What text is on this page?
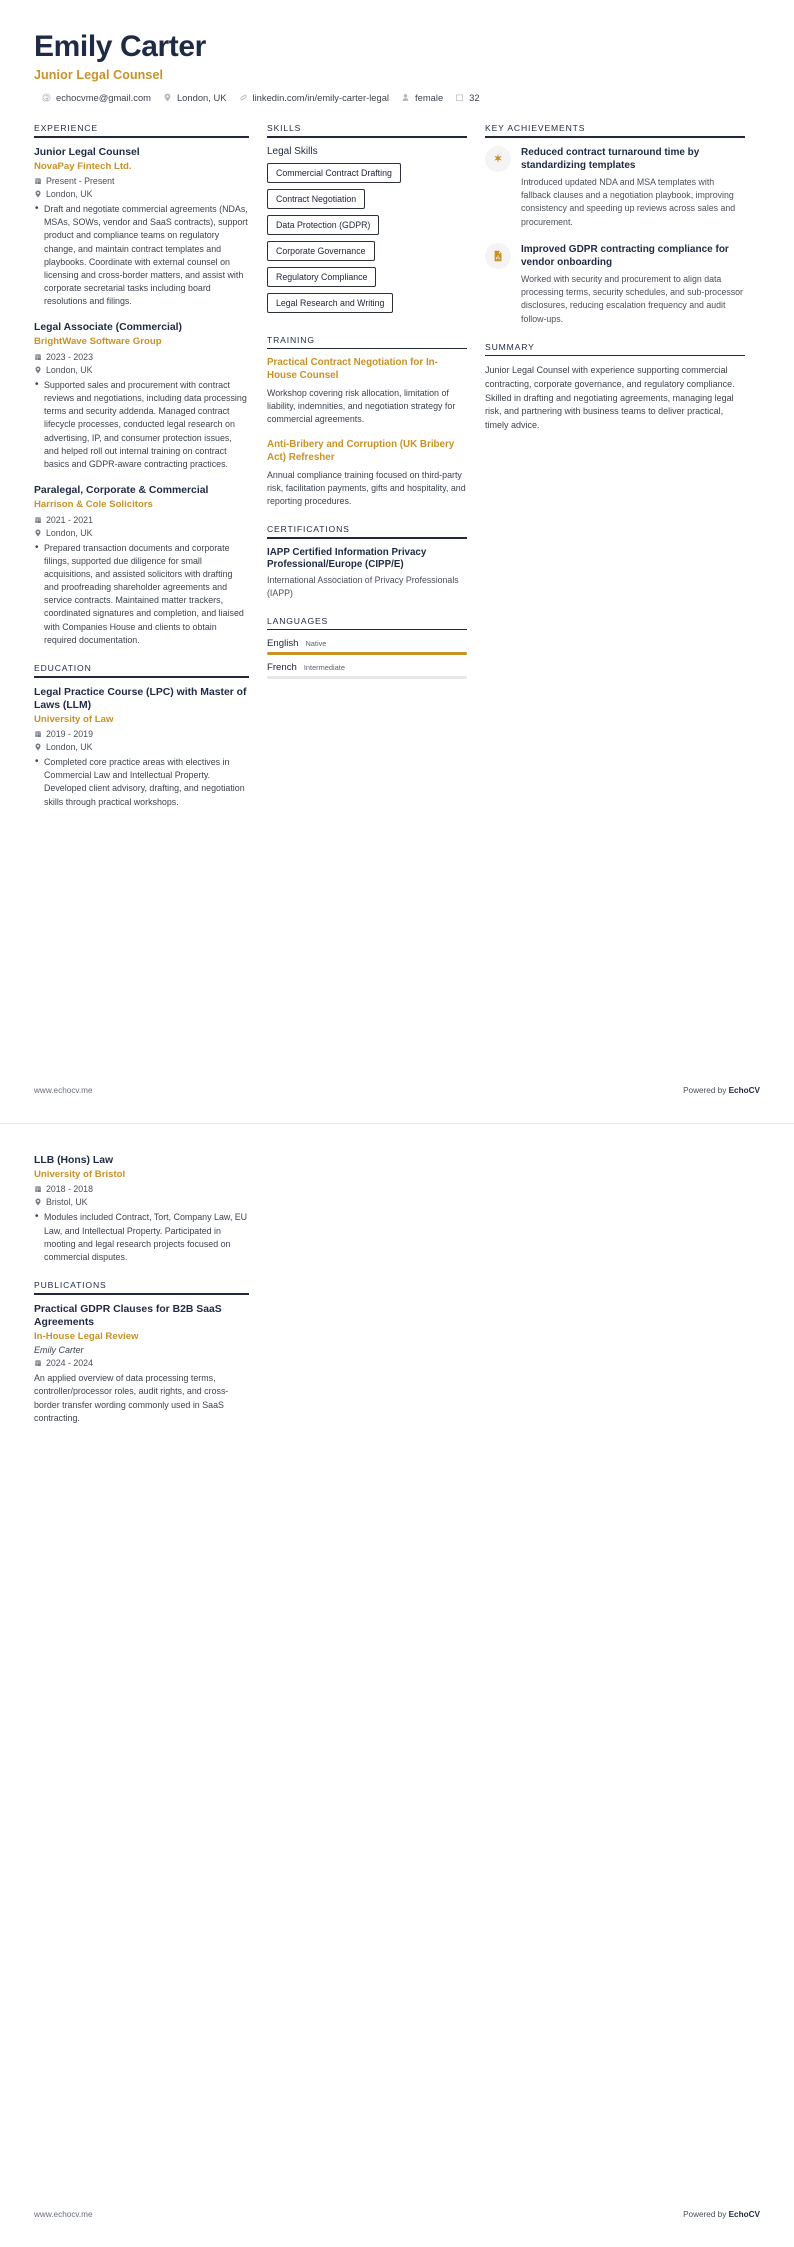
Emily Carter
Junior Legal Counsel
echocvme@gmail.com	London, UK	linkedin.com/in/emily-carter-legal	female	32
EXPERIENCE
Junior Legal Counsel
NovaPay Fintech Ltd.
Present - Present
London, UK
• Draft and negotiate commercial agreements (NDAs, MSAs, SOWs, vendor and SaaS contracts), support product and compliance teams on regulatory change, and maintain contract templates and playbooks. Coordinate with external counsel on licensing and cross-border matters, and assist with corporate secretarial tasks including board resolutions and filings.
Legal Associate (Commercial)
BrightWave Software Group
2023 - 2023
London, UK
• Supported sales and procurement with contract reviews and negotiations, including data processing terms and security addenda. Managed contract lifecycle processes, conducted legal research on advertising, IP, and consumer protection issues, and helped roll out internal training on contract basics and GDPR-aware contracting practices.
Paralegal, Corporate & Commercial
Harrison & Cole Solicitors
2021 - 2021
London, UK
• Prepared transaction documents and corporate filings, supported due diligence for small acquisitions, and assisted solicitors with drafting and proofreading shareholder agreements and service contracts. Maintained matter trackers, coordinated signatures and completion, and liaised with Companies House and clients to obtain required documentation.
EDUCATION
Legal Practice Course (LPC) with Master of Laws (LLM)
University of Law
2019 - 2019
London, UK
• Completed core practice areas with electives in Commercial Law and Intellectual Property. Developed client advisory, drafting, and negotiation skills through practical workshops.
SKILLS
Legal Skills
Commercial Contract Drafting
Contract Negotiation
Data Protection (GDPR)
Corporate Governance
Regulatory Compliance
Legal Research and Writing
TRAINING
Practical Contract Negotiation for In-House Counsel
Workshop covering risk allocation, limitation of liability, indemnities, and negotiation strategy for commercial agreements.
Anti-Bribery and Corruption (UK Bribery Act) Refresher
Annual compliance training focused on third-party risk, facilitation payments, gifts and hospitality, and reporting procedures.
CERTIFICATIONS
IAPP Certified Information Privacy Professional/Europe (CIPP/E)
International Association of Privacy Professionals (IAPP)
LANGUAGES
English Native
French Intermediate
KEY ACHIEVEMENTS
Reduced contract turnaround time by standardizing templates
Introduced updated NDA and MSA templates with fallback clauses and a negotiation playbook, improving consistency and speeding up reviews across sales and procurement.
Improved GDPR contracting compliance for vendor onboarding
Worked with security and procurement to align data processing terms, security schedules, and sub-processor disclosures, reducing escalation frequency and audit follow-ups.
SUMMARY
Junior Legal Counsel with experience supporting commercial contracting, corporate governance, and regulatory compliance. Skilled in drafting and negotiating agreements, managing legal risk, and partnering with business teams to deliver practical, timely advice.
www.echocv.me	Powered by EchoCV
LLB (Hons) Law
University of Bristol
2018 - 2018
Bristol, UK
• Modules included Contract, Tort, Company Law, EU Law, and Intellectual Property. Participated in mooting and legal research projects focused on commercial disputes.
PUBLICATIONS
Practical GDPR Clauses for B2B SaaS Agreements
In-House Legal Review
Emily Carter
2024 - 2024
An applied overview of data processing terms, controller/processor roles, audit rights, and cross-border transfer wording commonly used in SaaS contracting.
www.echocv.me	Powered by EchoCV
